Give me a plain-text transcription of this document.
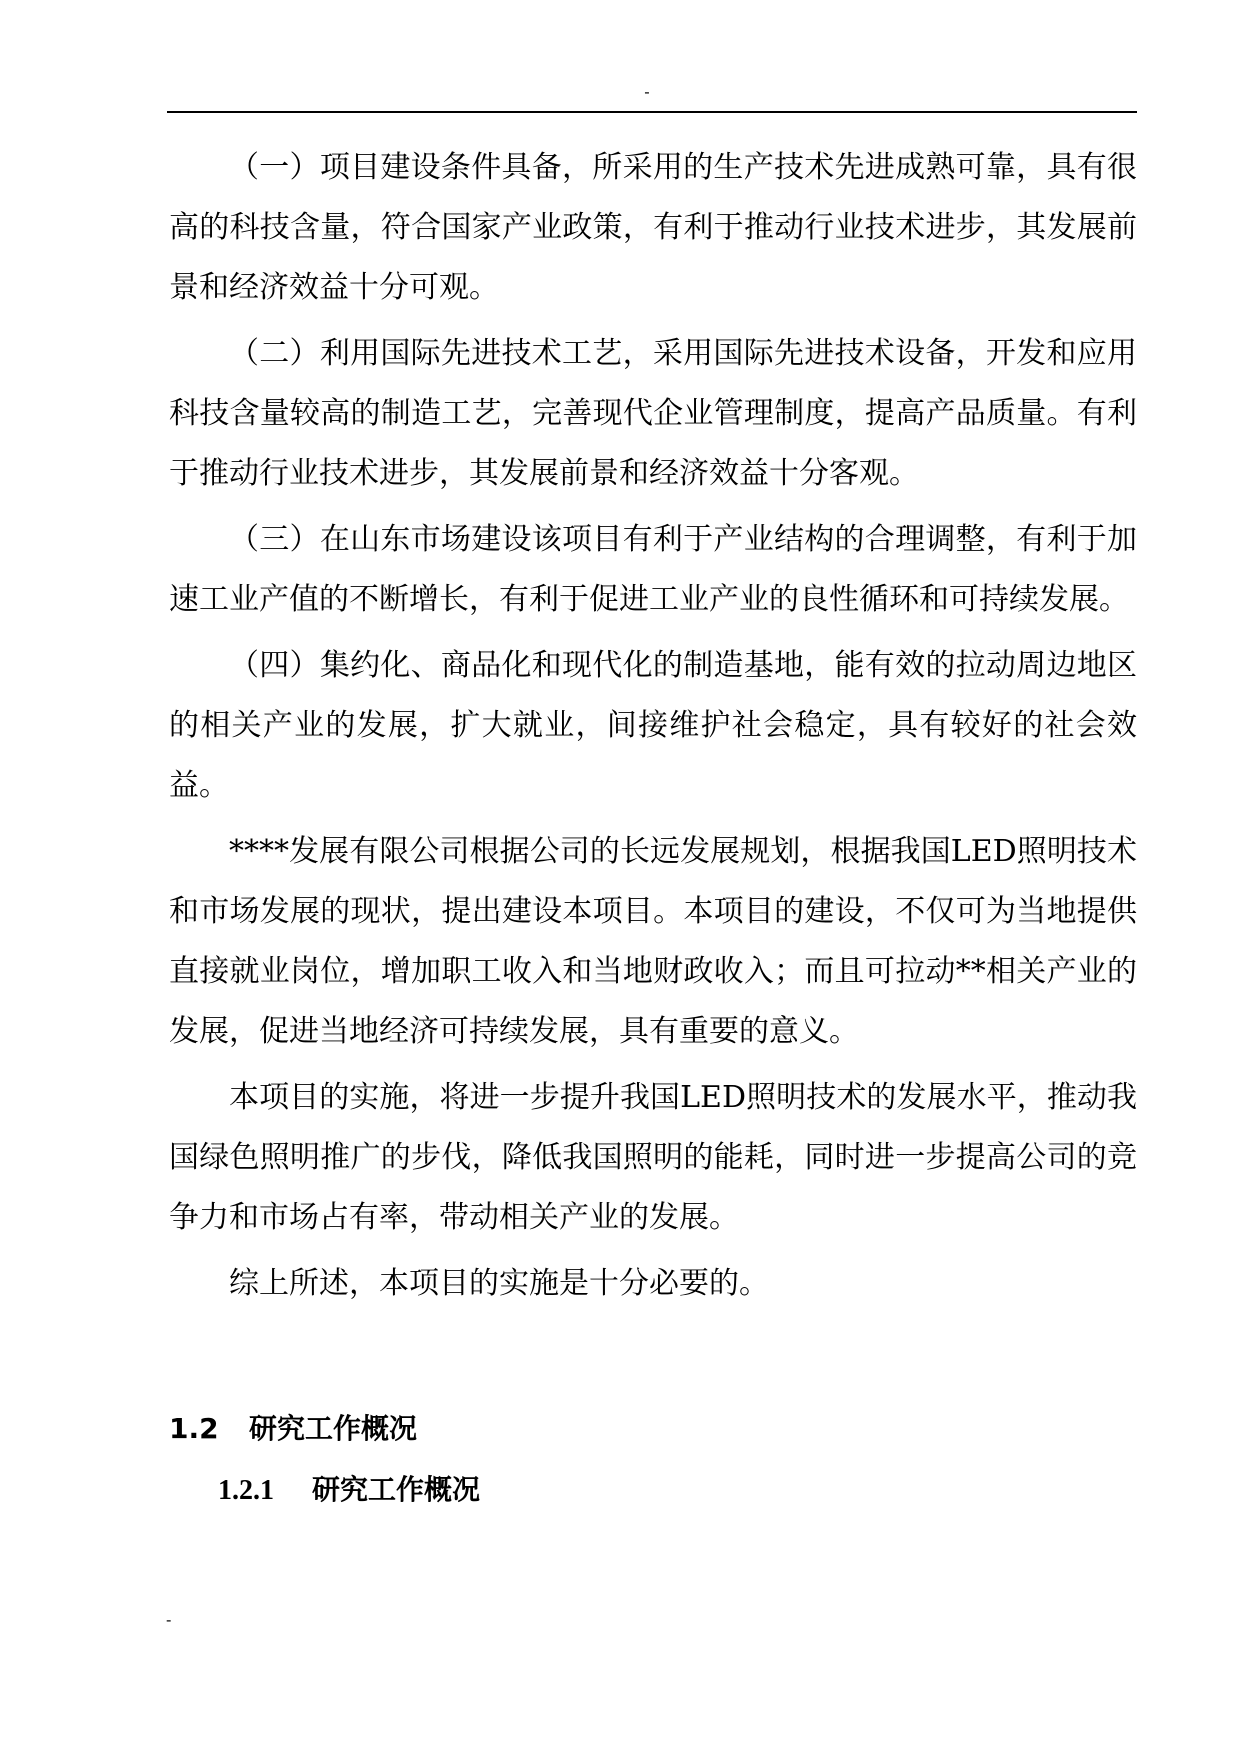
-

（一）项目建设条件具备，所采用的生产技术先进成熟可靠，具有很高的科技含量，符合国家产业政策，有利于推动行业技术进步，其发展前景和经济效益十分可观。

（二）利用国际先进技术工艺，采用国际先进技术设备，开发和应用科技含量较高的制造工艺，完善现代企业管理制度，提高产品质量。有利于推动行业技术进步，其发展前景和经济效益十分客观。

（三）在山东市场建设该项目有利于产业结构的合理调整，有利于加速工业产值的不断增长，有利于促进工业产业的良性循环和可持续发展。

（四）集约化、商品化和现代化的制造基地，能有效的拉动周边地区的相关产业的发展，扩大就业，间接维护社会稳定，具有较好的社会效益。

****发展有限公司根据公司的长远发展规划，根据我国LED照明技术和市场发展的现状，提出建设本项目。本项目的建设，不仅可为当地提供直接就业岗位，增加职工收入和当地财政收入；而且可拉动**相关产业的发展，促进当地经济可持续发展，具有重要的意义。

本项目的实施，将进一步提升我国LED照明技术的发展水平，推动我国绿色照明推广的步伐，降低我国照明的能耗，同时进一步提高公司的竞争力和市场占有率，带动相关产业的发展。

综上所述，本项目的实施是十分必要的。

1.2 研究工作概况
1.2.1 研究工作概况
-
